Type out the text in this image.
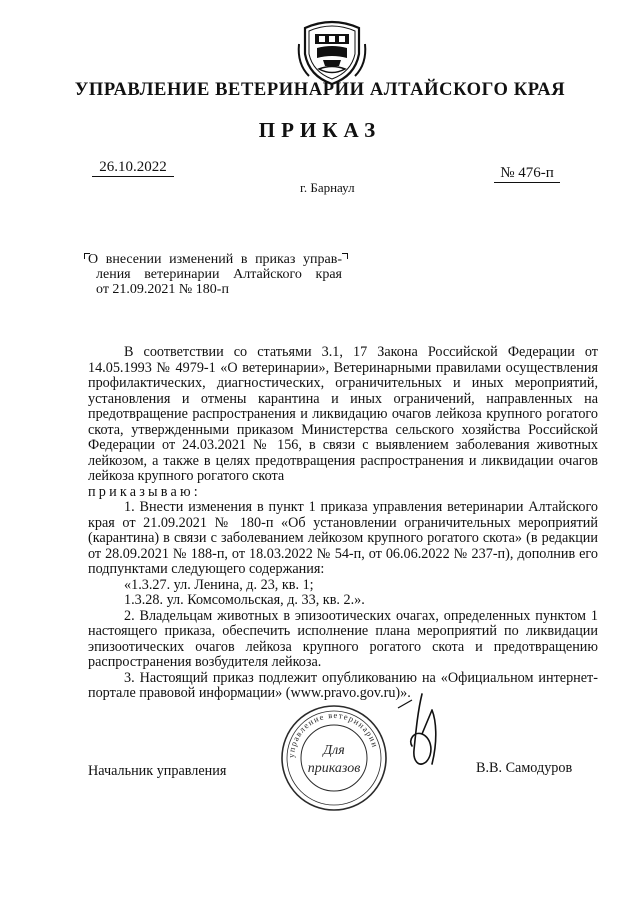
УПРАВЛЕНИЕ ВЕТЕРИНАРИИ АЛТАЙСКОГО КРАЯ
ПРИКАЗ
26.10.2022	№ 476-п
г. Барнаул
О внесении изменений в приказ управ-
ления ветеринарии Алтайского края
от 21.09.2021 № 180-п

В соответствии со статьями 3.1, 17 Закона Российской Федерации от 14.05.1993 № 4979-1 «О ветеринарии», Ветеринарными правилами осуществления профилактических, диагностических, ограничительных и иных мероприятий, установления и отмены карантина и иных ограничений, направленных на предотвращение распространения и ликвидацию очагов лейкоза крупного рогатого скота, утвержденными приказом Министерства сельского хозяйства Российской Федерации от 24.03.2021 № 156, в связи с выявлением заболевания животных лейкозом, а также в целях предотвращения распространения и ликвидации очагов лейкоза крупного рогатого скота

приказываю:

1. Внести изменения в пункт 1 приказа управления ветеринарии Алтайского края от 21.09.2021 № 180-п «Об установлении ограничительных мероприятий (карантина) в связи с заболеванием лейкозом крупного рогатого скота» (в редакции от 28.09.2021 № 188-п, от 18.03.2022 № 54-п, от 06.06.2022 № 237-п), дополнив его подпунктами следующего содержания:

«1.3.27. ул. Ленина, д. 23, кв. 1;

1.3.28. ул. Комсомольская, д. 33, кв. 2.».

2. Владельцам животных в эпизоотических очагах, определенных пунктом 1 настоящего приказа, обеспечить исполнение плана мероприятий по ликвидации эпизоотических очагов лейкоза крупного рогатого скота и предотвращению распространения возбудителя лейкоза.

3. Настоящий приказ подлежит опубликованию на «Официальном интернет-портале правовой информации» (www.pravo.gov.ru)».

управление ветеринарии
Для приказов
Начальник управления	В.В. Самодуров
